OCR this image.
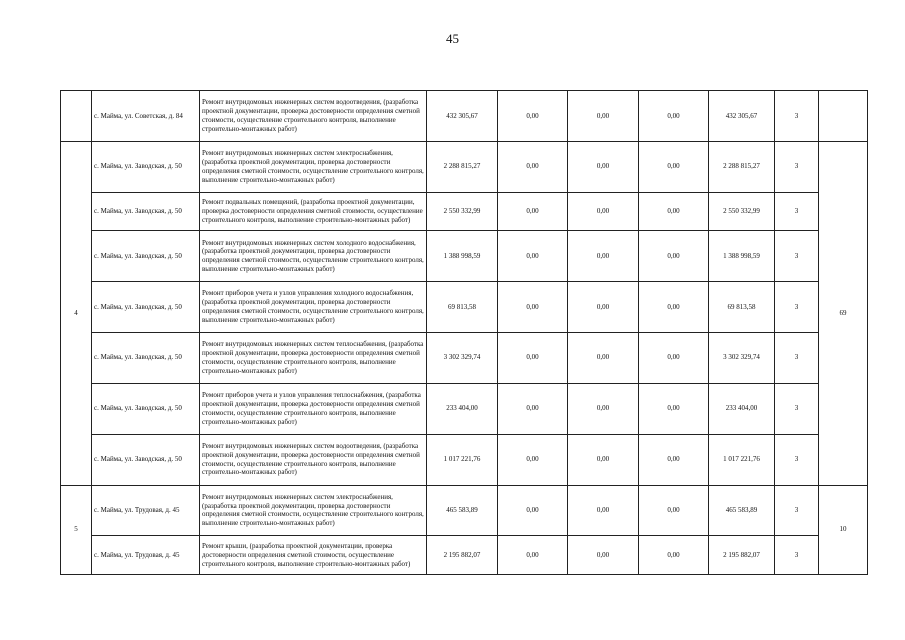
45
	с. Майма, ул. Советская, д. 84	Ремонт внутридомовых инженерных систем водоотведения, (разработка проектной документации, проверка достоверности определения сметной стоимости, осуществление строительного контроля, выполнение строительно-монтажных работ)	432 305,67	0,00	0,00	0,00	432 305,67	3	
4	с. Майма, ул. Заводская, д. 50	Ремонт внутридомовых инженерных систем электроснабжения, (разработка проектной документации, проверка достоверности определения сметной стоимости, осуществление строительного контроля, выполнение строительно-монтажных работ)	2 288 815,27	0,00	0,00	0,00	2 288 815,27	3	69
	с. Майма, ул. Заводская, д. 50	Ремонт подвальных помещений, (разработка проектной документации, проверка достоверности определения сметной стоимости, осуществление строительного контроля, выполнение строительно-монтажных работ)	2 550 332,99	0,00	0,00	0,00	2 550 332,99	3	
	с. Майма, ул. Заводская, д. 50	Ремонт внутридомовых инженерных систем холодного водоснабжения, (разработка проектной документации, проверка достоверности определения сметной стоимости, осуществление строительного контроля, выполнение строительно-монтажных работ)	1 388 998,59	0,00	0,00	0,00	1 388 998,59	3	
	с. Майма, ул. Заводская, д. 50	Ремонт приборов учета и узлов управления холодного водоснабжения, (разработка проектной документации, проверка достоверности определения сметной стоимости, осуществление строительного контроля, выполнение строительно-монтажных работ)	69 813,58	0,00	0,00	0,00	69 813,58	3	
	с. Майма, ул. Заводская, д. 50	Ремонт внутридомовых инженерных систем теплоснабжения, (разработка проектной документации, проверка достоверности определения сметной стоимости, осуществление строительного контроля, выполнение строительно-монтажных работ)	3 302 329,74	0,00	0,00	0,00	3 302 329,74	3	
	с. Майма, ул. Заводская, д. 50	Ремонт приборов учета и узлов управления теплоснабжения, (разработка проектной документации, проверка достоверности определения сметной стоимости, осуществление строительного контроля, выполнение строительно-монтажных работ)	233 404,00	0,00	0,00	0,00	233 404,00	3	
	с. Майма, ул. Заводская, д. 50	Ремонт внутридомовых инженерных систем водоотведения, (разработка проектной документации, проверка достоверности определения сметной стоимости, осуществление строительного контроля, выполнение строительно-монтажных работ)	1 017 221,76	0,00	0,00	0,00	1 017 221,76	3	
5	с. Майма, ул. Трудовая, д. 45	Ремонт внутридомовых инженерных систем электроснабжения, (разработка проектной документации, проверка достоверности определения сметной стоимости, осуществление строительного контроля, выполнение строительно-монтажных работ)	465 583,89	0,00	0,00	0,00	465 583,89	3	10
	с. Майма, ул. Трудовая, д. 45	Ремонт крыши, (разработка проектной документации, проверка достоверности определения сметной стоимости, осуществление строительного контроля, выполнение строительно-монтажных работ)	2 195 882,07	0,00	0,00	0,00	2 195 882,07	3	
